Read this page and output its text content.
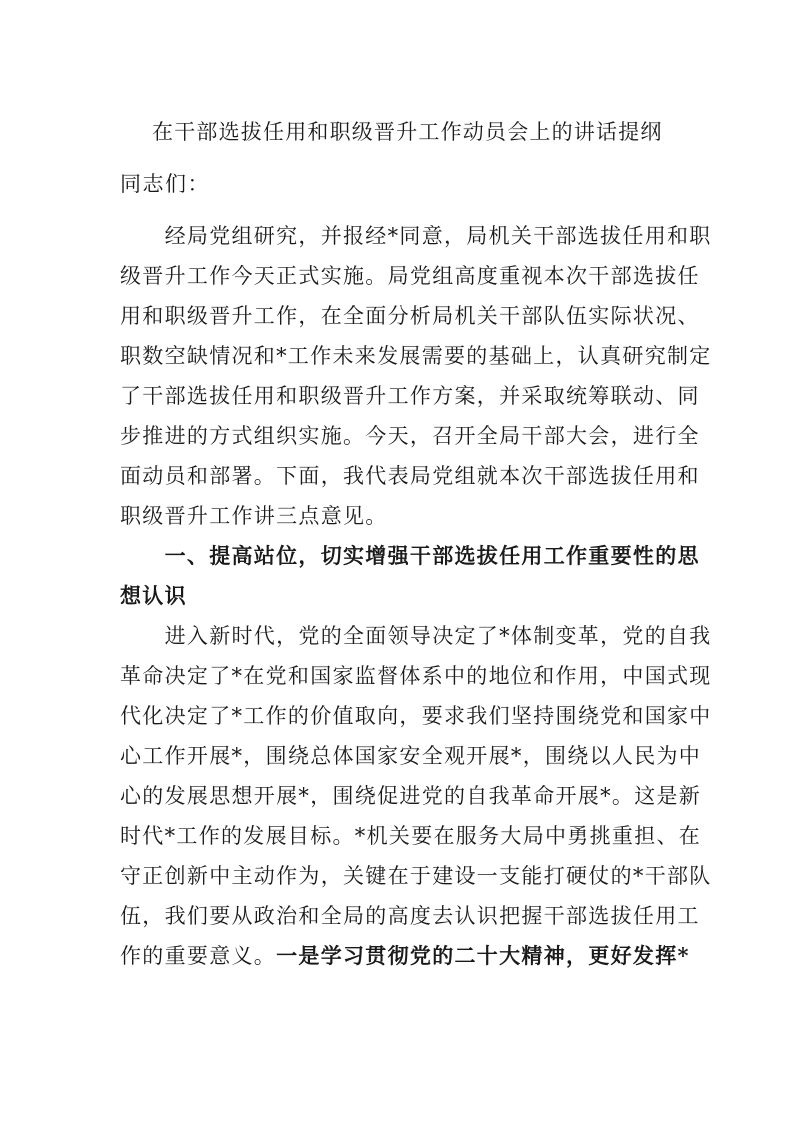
在干部选拔任用和职级晋升工作动员会上的讲话提纲
同志们：
　　经局党组研究，并报经*同意，局机关干部选拔任用和职
级晋升工作今天正式实施。局党组高度重视本次干部选拔任
用和职级晋升工作，在全面分析局机关干部队伍实际状况、
职数空缺情况和*工作未来发展需要的基础上，认真研究制定
了干部选拔任用和职级晋升工作方案，并采取统筹联动、同
步推进的方式组织实施。今天，召开全局干部大会，进行全
面动员和部署。下面，我代表局党组就本次干部选拔任用和
职级晋升工作讲三点意见。
　　一、提高站位，切实增强干部选拔任用工作重要性的思
想认识
　　进入新时代，党的全面领导决定了*体制变革，党的自我
革命决定了*在党和国家监督体系中的地位和作用，中国式现
代化决定了*工作的价值取向，要求我们坚持围绕党和国家中
心工作开展*，围绕总体国家安全观开展*，围绕以人民为中
心的发展思想开展*，围绕促进党的自我革命开展*。这是新
时代*工作的发展目标。*机关要在服务大局中勇挑重担、在
守正创新中主动作为，关键在于建设一支能打硬仗的*干部队
伍，我们要从政治和全局的高度去认识把握干部选拔任用工
作的重要意义。一是学习贯彻党的二十大精神，更好发挥*
